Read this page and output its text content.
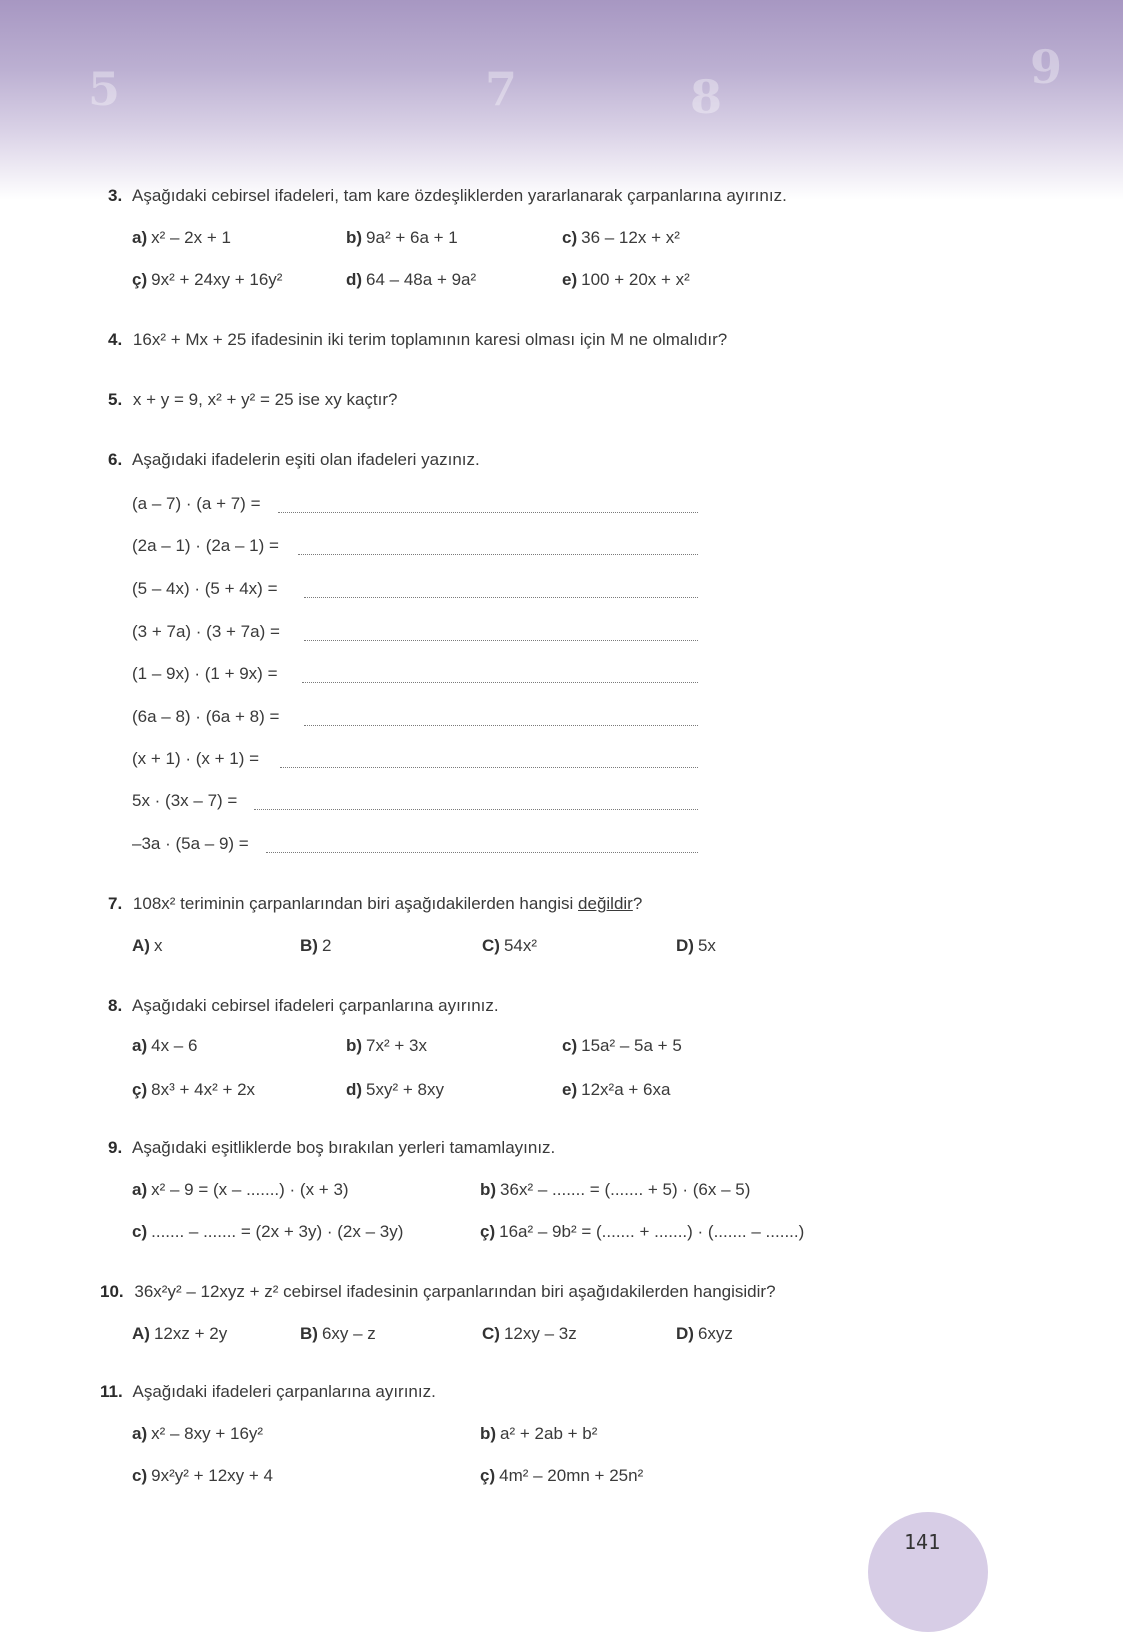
5	7	8
9
3. Aşağıdaki cebirsel ifadeleri, tam kare özdeşliklerden yararlanarak çarpanlarına ayırınız.
a) x² – 2x + 1	b) 9a² + 6a + 1	c) 36 – 12x + x²
ç) 9x² + 24xy + 16y²	d) 64 – 48a + 9a²	e) 100 + 20x + x²
4. 16x² + Mx + 25 ifadesinin iki terim toplamının karesi olması için M ne olmalıdır?
5. x + y = 9, x² + y² = 25 ise xy kaçtır?
6. Aşağıdaki ifadelerin eşiti olan ifadeleri yazınız.
(a – 7) · (a + 7) =
(2a – 1) · (2a – 1) =
(5 – 4x) · (5 + 4x) =
(3 + 7a) · (3 + 7a) =
(1 – 9x) · (1 + 9x) =
(6a – 8) · (6a + 8) =
(x + 1) · (x + 1) =
5x · (3x – 7) =
–3a · (5a – 9) =
7. 108x² teriminin çarpanlarından biri aşağıdakilerden hangisi değildir?
A) x	B) 2	C) 54x²	D) 5x
8. Aşağıdaki cebirsel ifadeleri çarpanlarına ayırınız.
a) 4x – 6	b) 7x² + 3x	c) 15a² – 5a + 5
ç) 8x³ + 4x² + 2x	d) 5xy² + 8xy	e) 12x²a + 6xa
9. Aşağıdaki eşitliklerde boş bırakılan yerleri tamamlayınız.
a) x² – 9 = (x – .......) · (x + 3)	b) 36x² – ....... = (....... + 5) · (6x – 5)
c) ....... – ....... = (2x + 3y) · (2x – 3y)	ç) 16a² – 9b² = (....... + .......) · (....... – .......)
10. 36x²y² – 12xyz + z² cebirsel ifadesinin çarpanlarından biri aşağıdakilerden hangisidir?
A) 12xz + 2y	B) 6xy – z	C) 12xy – 3z	D) 6xyz
11. Aşağıdaki ifadeleri çarpanlarına ayırınız.
a) x² – 8xy + 16y²	b) a² + 2ab + b²
c) 9x²y² + 12xy + 4	ç) 4m² – 20mn + 25n²
141
